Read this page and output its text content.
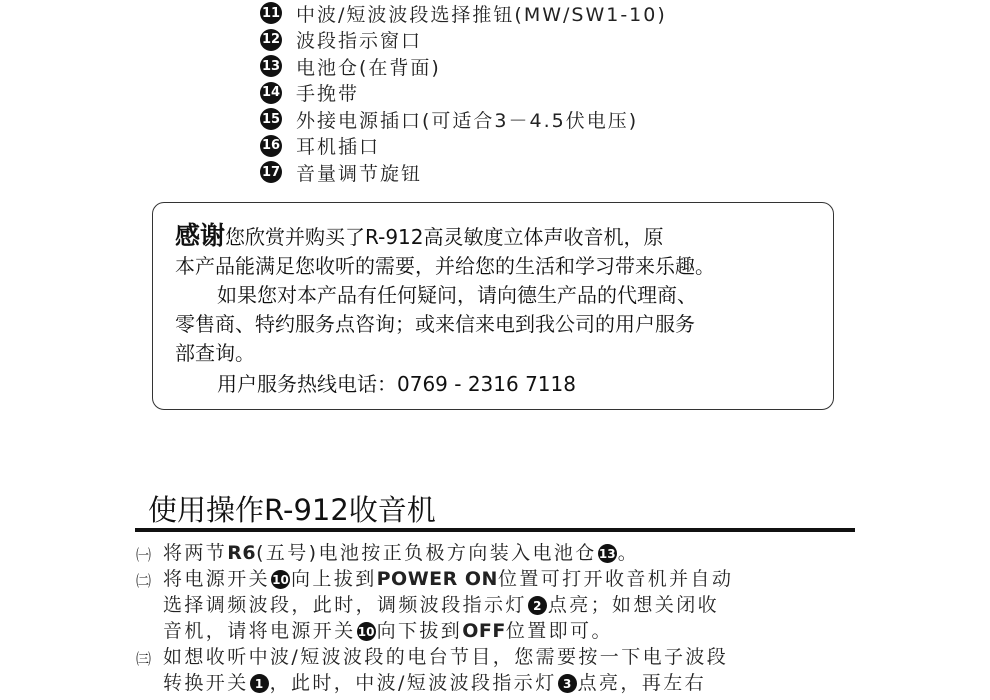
11 中波/短波波段选择推钮(MW/SW1-10)
12 波段指示窗口
13 电池仓(在背面)
14 手挽带
15 外接电源插口(可适合3－4.5伏电压)
16 耳机插口
17 音量调节旋钮

感谢您欣赏并购买了R-912高灵敏度立体声收音机，原

本产品能满足您收听的需要，并给您的生活和学习带来乐趣。

如果您对本产品有任何疑问，请向德生产品的代理商、

零售商、特约服务点咨询；或来信来电到我公司的用户服务

部查询。

用户服务热线电话：0769 - 2316 7118

使用操作R-912收音机
㈠ 将两节R6(五号)电池按正负极方向装入电池仓 13 。
㈡ 将电源开关 10 向上拔到POWER ON位置可打开收音机并自动
选择调频波段，此时，调频波段指示灯 2 点亮；如想关闭收
音机，请将电源开关 10 向下拔到OFF位置即可。
㈢ 如想收听中波/短波波段的电台节目，您需要按一下电子波段
转换开关 1 ，此时，中波/短波波段指示灯 3 点亮，再左右
